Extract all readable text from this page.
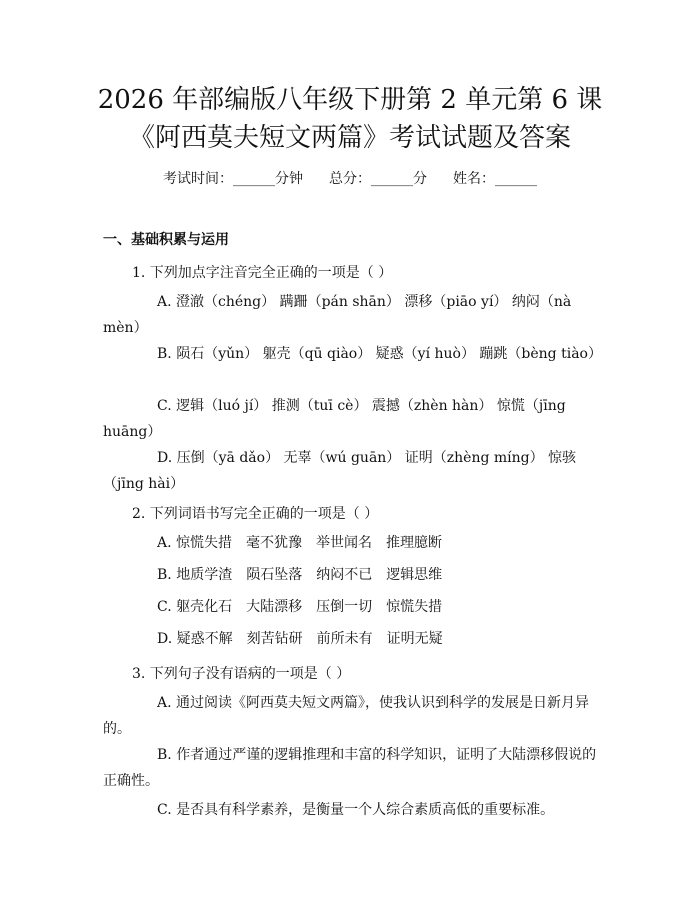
2026 年部编版八年级下册第 2 单元第 6 课
《阿西莫夫短文两篇》考试试题及答案
考试时间：______分钟 总分：______分 姓名：______
一、基础积累与运用
1. 下列加点字注音完全正确的一项是（ ）
A. 澄澈（chéng） 蹒跚（pán shān） 漂移（piāo yí） 纳闷（nà mèn）
B. 陨石（yǔn） 躯壳（qū qiào） 疑惑（yí huò） 蹦跳（bèng tiào）
C. 逻辑（luó jí） 推测（tuī cè） 震撼（zhèn hàn） 惊慌（jīng huāng）
D. 压倒（yā dǎo） 无辜（wú guān） 证明（zhèng míng） 惊骇（jīng hài）
2. 下列词语书写完全正确的一项是（ ）
A. 惊慌失措　毫不犹豫　举世闻名　推理臆断
B. 地质学渣　陨石坠落　纳闷不已　逻辑思维
C. 躯壳化石　大陆漂移　压倒一切　惊慌失措
D. 疑惑不解　刻苦钻研　前所未有　证明无疑
3. 下列句子没有语病的一项是（ ）
A. 通过阅读《阿西莫夫短文两篇》，使我认识到科学的发展是日新月异的。
B. 作者通过严谨的逻辑推理和丰富的科学知识，证明了大陆漂移假说的正确性。
C. 是否具有科学素养，是衡量一个人综合素质高低的重要标准。
